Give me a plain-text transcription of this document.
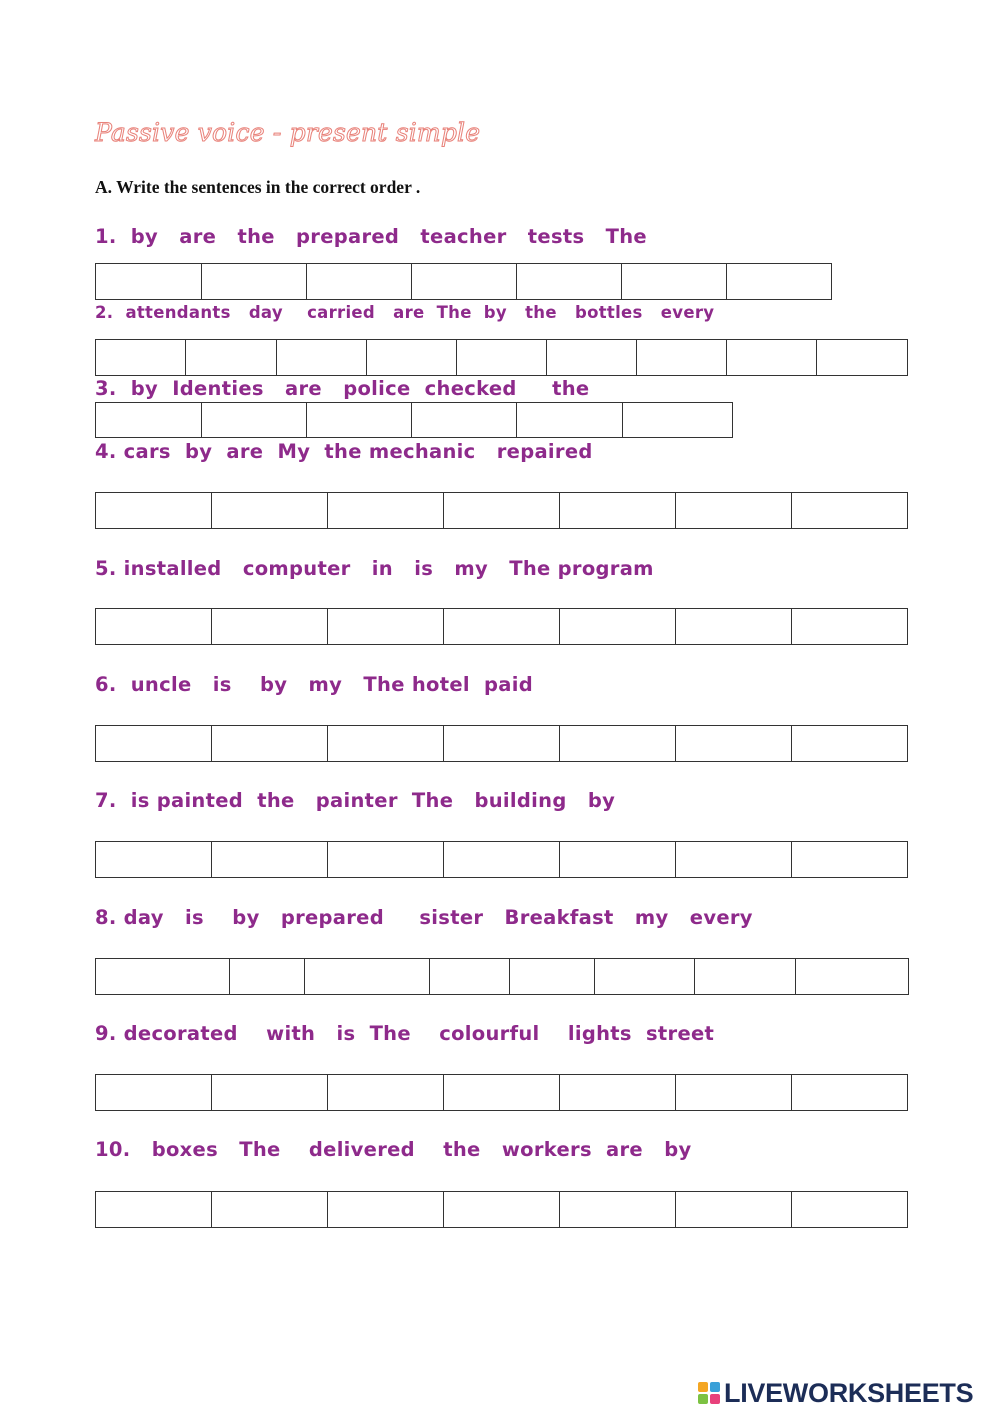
Passive voice - present simple
A. Write the sentences in the correct order .
1.  by   are   the   prepared   teacher   tests   The
2.  attendants   day    carried   are  The  by   the   bottles   every
3.  by  Identies   are   police  checked     the
4. cars  by  are  My  the mechanic   repaired
5. installed   computer   in   is   my   The program
6.  uncle   is    by   my   The hotel  paid
7.  is painted  the   painter  The   building   by
8. day   is    by   prepared     sister   Breakfast   my   every
9. decorated    with   is  The    colourful    lights  street
10.   boxes   The    delivered    the   workers  are   by
LIVEWORKSHEETS
